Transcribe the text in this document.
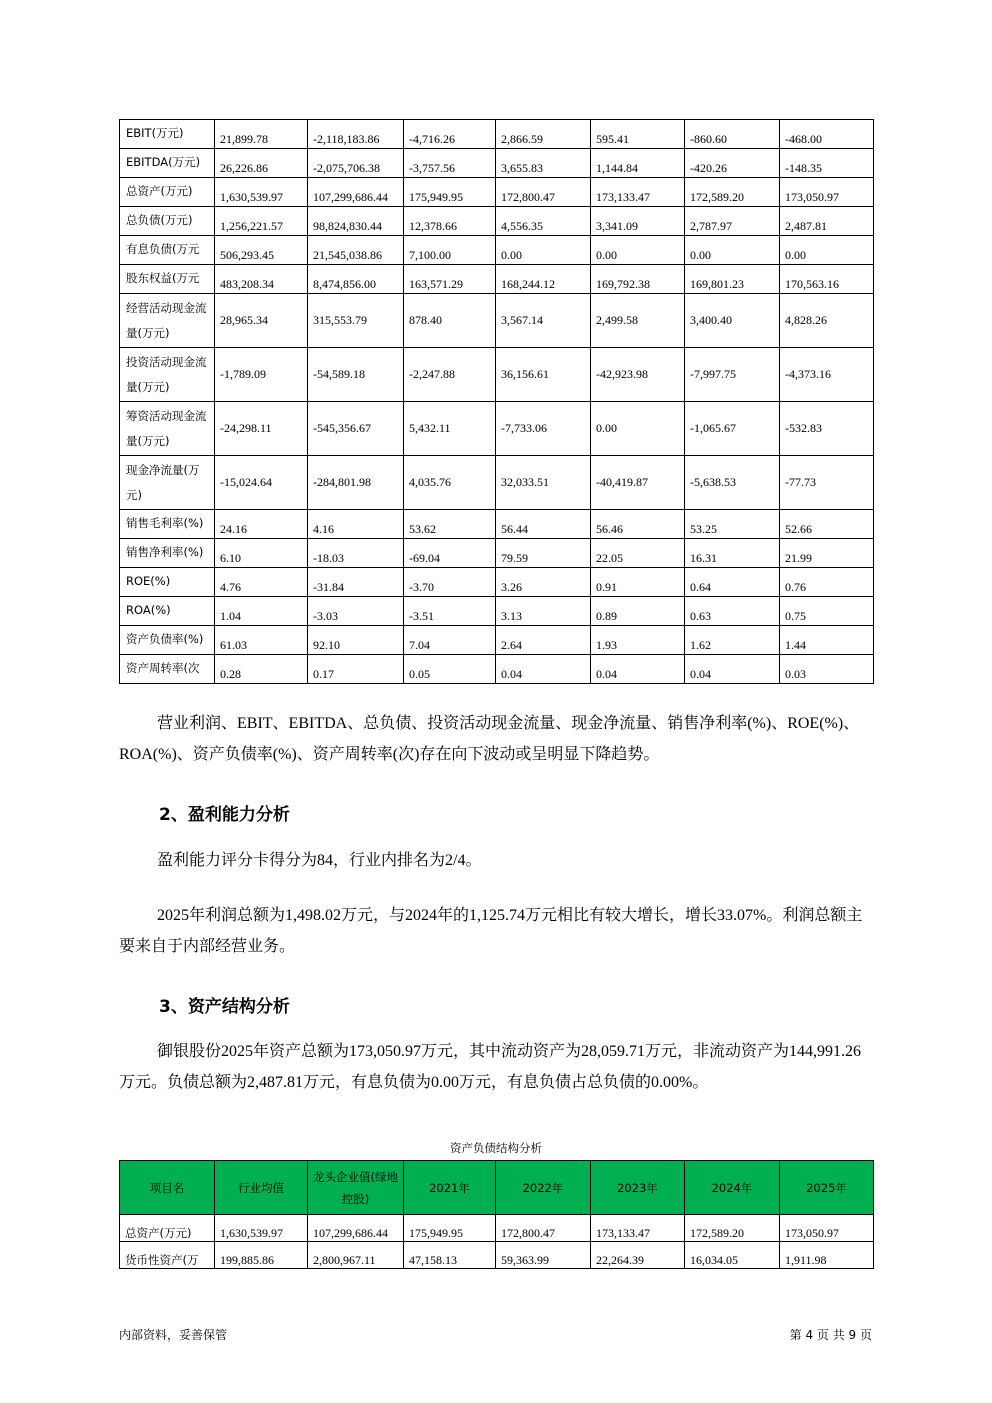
EBIT(万元)	21,899.78	-2,118,183.86	-4,716.26	2,866.59	595.41	-860.60	-468.00
EBITDA(万元)	26,226.86	-2,075,706.38	-3,757.56	3,655.83	1,144.84	-420.26	-148.35
总资产(万元)	1,630,539.97	107,299,686.44	175,949.95	172,800.47	173,133.47	172,589.20	173,050.97
总负债(万元)	1,256,221.57	98,824,830.44	12,378.66	4,556.35	3,341.09	2,787.97	2,487.81
有息负债(万元	506,293.45	21,545,038.86	7,100.00	0.00	0.00	0.00	0.00
股东权益(万元	483,208.34	8,474,856.00	163,571.29	168,244.12	169,792.38	169,801.23	170,563.16
经营活动现金流量(万元)	28,965.34	315,553.79	878.40	3,567.14	2,499.58	3,400.40	4,828.26
投资活动现金流量(万元)	-1,789.09	-54,589.18	-2,247.88	36,156.61	-42,923.98	-7,997.75	-4,373.16
筹资活动现金流量(万元)	-24,298.11	-545,356.67	5,432.11	-7,733.06	0.00	-1,065.67	-532.83
现金净流量(万元)	-15,024.64	-284,801.98	4,035.76	32,033.51	-40,419.87	-5,638.53	-77.73
销售毛利率(%)	24.16	4.16	53.62	56.44	56.46	53.25	52.66
销售净利率(%)	6.10	-18.03	-69.04	79.59	22.05	16.31	21.99
ROE(%)	4.76	-31.84	-3.70	3.26	0.91	0.64	0.76
ROA(%)	1.04	-3.03	-3.51	3.13	0.89	0.63	0.75
资产负债率(%)	61.03	92.10	7.04	2.64	1.93	1.62	1.44
资产周转率(次	0.28	0.17	0.05	0.04	0.04	0.04	0.03
营业利润、EBIT、EBITDA、总负债、投资活动现金流量、现金净流量、销售净利率(%)、ROE(%)、ROA(%)、资产负债率(%)、资产周转率(次)存在向下波动或呈明显下降趋势。
2、盈利能力分析
盈利能力评分卡得分为84，行业内排名为2/4。
2025年利润总额为1,498.02万元，与2024年的1,125.74万元相比有较大增长，增长33.07%。利润总额主要来自于内部经营业务。
3、资产结构分析
御银股份2025年资产总额为173,050.97万元，其中流动资产为28,059.71万元，非流动资产为144,991.26万元。负债总额为2,487.81万元，有息负债为0.00万元，有息负债占总负债的0.00%。
资产负债结构分析
项目名	行业均值	龙头企业值(绿地控股)	2021年	2022年	2023年	2024年	2025年
总资产(万元)	1,630,539.97	107,299,686.44	175,949.95	172,800.47	173,133.47	172,589.20	173,050.97
货币性资产(万	199,885.86	2,800,967.11	47,158.13	59,363.99	22,264.39	16,034.05	1,911.98
内部资料，妥善保管	第 4 页 共 9 页
